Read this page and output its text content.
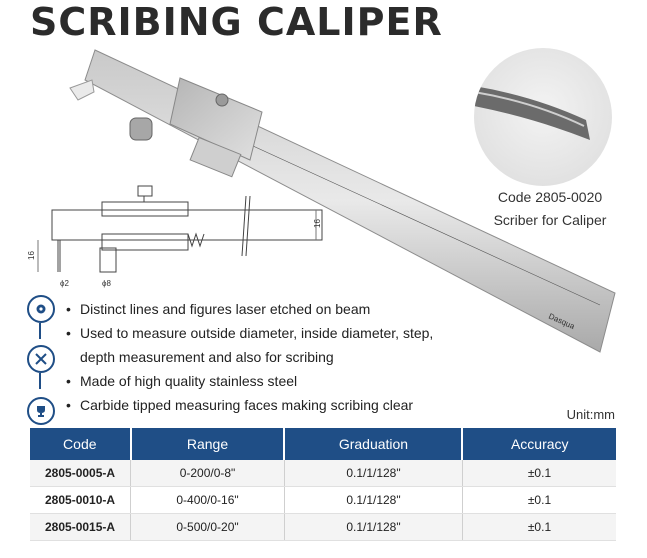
SCRIBING CALIPER
Dasqua
16
16
ϕ2	ϕ8
Code 2805-0020
Scriber for Caliper
• Distinct lines and figures laser etched on beam
• Used to measure outside diameter, inside diameter, step,
depth measurement and also for scribing
• Made of high quality stainless steel
• Carbide tipped measuring faces making scribing clear
Unit:mm
Code	Range	Graduation	Accuracy
2805-0005-A	0-200/0-8"	0.1/1/128"	±0.1
2805-0010-A	0-400/0-16"	0.1/1/128"	±0.1
2805-0015-A	0-500/0-20"	0.1/1/128"	±0.1
